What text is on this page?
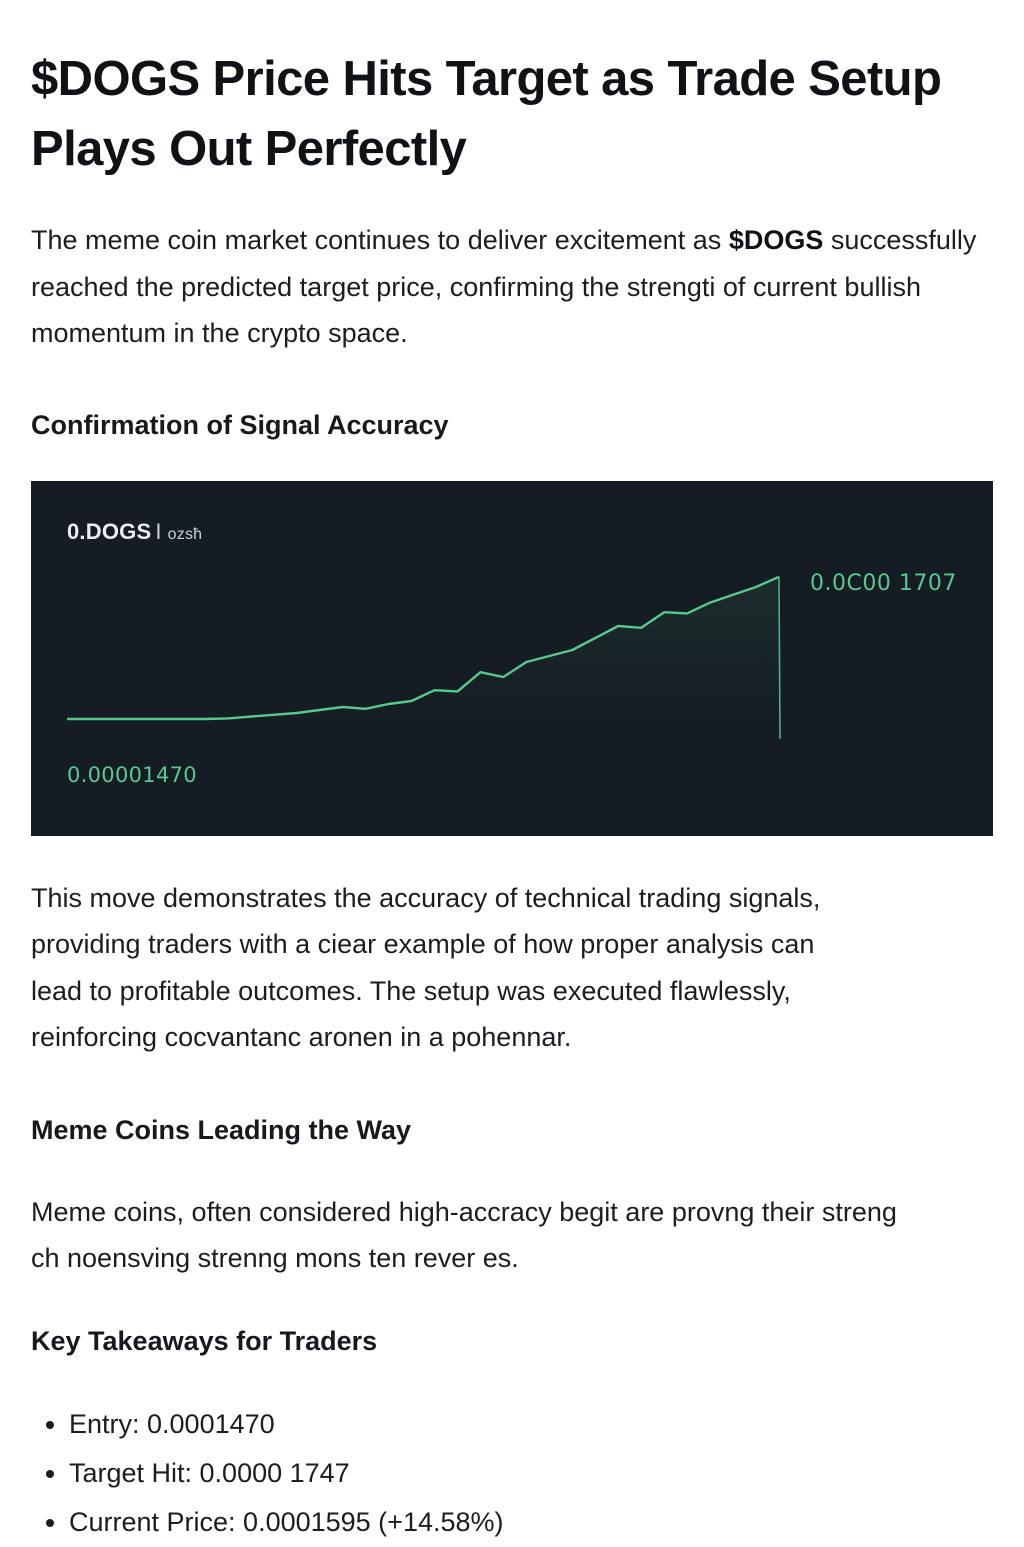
$DOGS Price Hits Target as Trade Setup Plays Out Perfectly

The meme coin market continues to deliver excitement as $DOGS successfully reached the predicted target price, confirming the strengti of current bullish momentum in the crypto space.

Confirmation of Signal Accuracy
0.DOGS I ozsħ
0.0C00 1707
0.00001470

This move demonstrates the accuracy of technical trading signals,
providing traders with a ciear example of how proper analysis can
lead to profitable outcomes. The setup was executed flawlessly,
reinforcing cocvantanc aronen in a pohennar.

Meme Coins Leading the Way

Meme coins, often considered high-accracy begit are provng their streng
ch noensving strenng mons ten rever es.

Key Takeaways for Traders
• Entry: 0.0001470
• Target Hit: 0.0000 1747
• Current Price: 0.0001595 (+14.58%)
